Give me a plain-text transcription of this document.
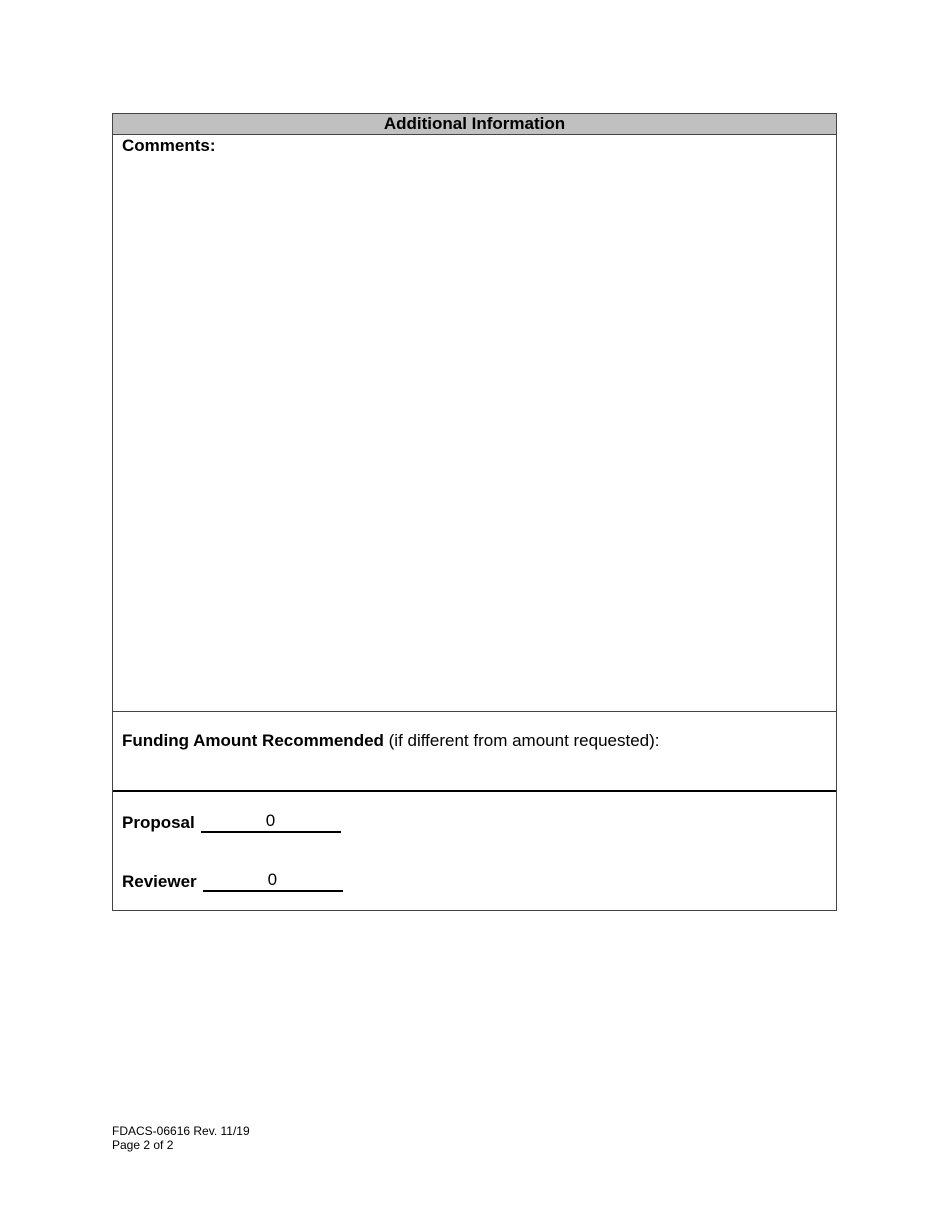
Additional Information
Comments:
Funding Amount Recommended (if different from amount requested):
Proposal	0
Reviewer	0
FDACS-06616 Rev. 11/19
Page 2 of 2
